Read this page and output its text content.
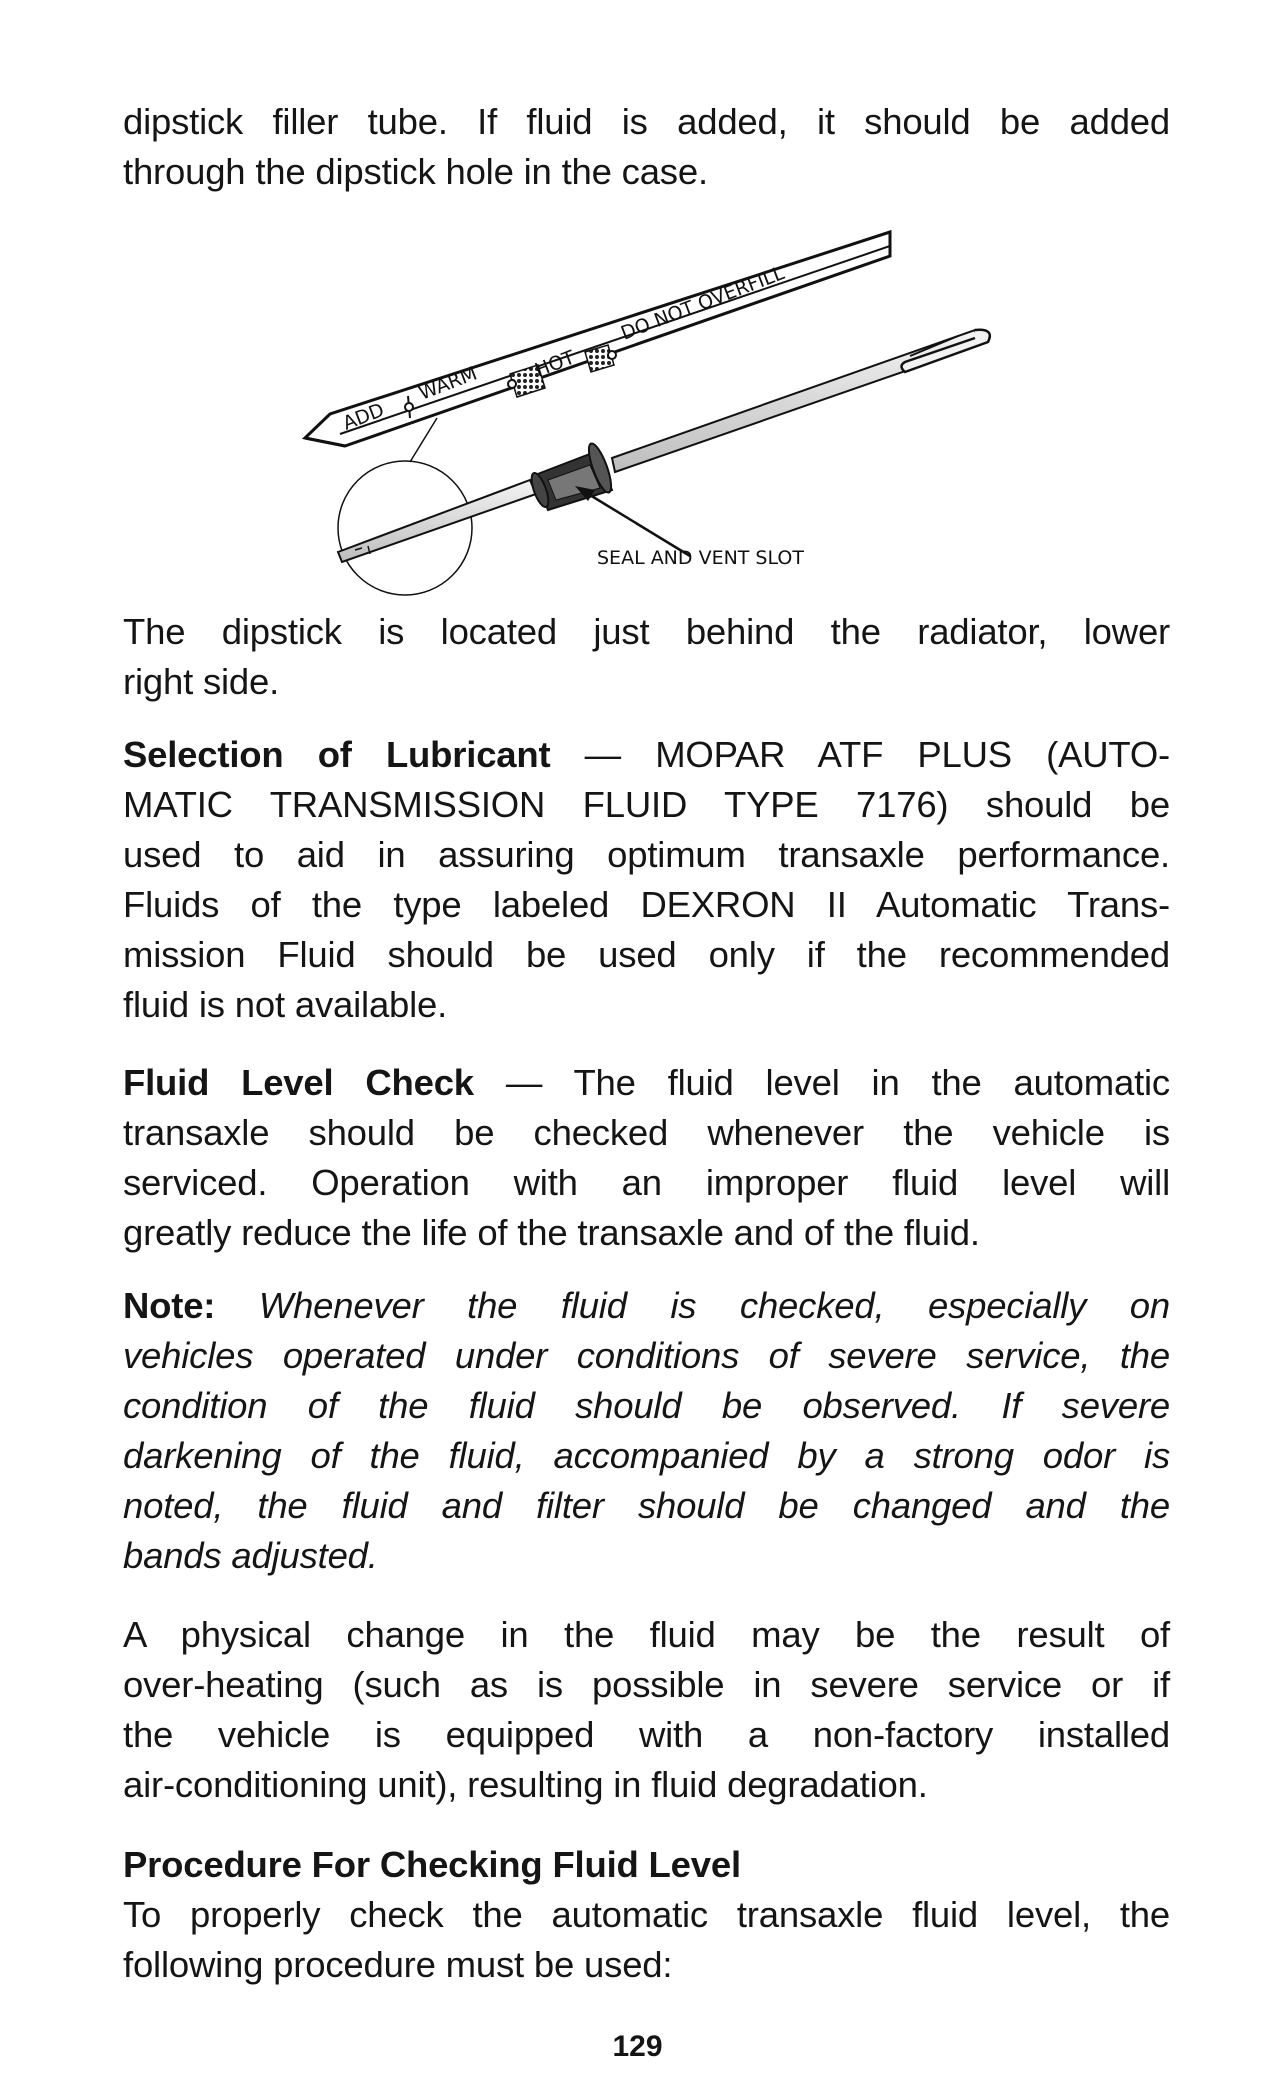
dipstick filler tube. If fluid is added, it should be added
through the dipstick hole in the case.

ADD
WARM	HOT
DO NOT OVERFILL
SEAL AND VENT SLOT

The dipstick is located just behind the radiator, lower
right side.

Selection of Lubricant — MOPAR ATF PLUS (AUTO-
MATIC TRANSMISSION FLUID TYPE 7176) should be
used to aid in assuring optimum transaxle performance.
Fluids of the type labeled DEXRON II Automatic Trans-
mission Fluid should be used only if the recommended
fluid is not available.

Fluid Level Check — The fluid level in the automatic
transaxle should be checked whenever the vehicle is
serviced. Operation with an improper fluid level will
greatly reduce the life of the transaxle and of the fluid.

Note: Whenever the fluid is checked, especially on
vehicles operated under conditions of severe service, the
condition of the fluid should be observed. If severe
darkening of the fluid, accompanied by a strong odor is
noted, the fluid and filter should be changed and the
bands adjusted.

A physical change in the fluid may be the result of
over-heating (such as is possible in severe service or if
the vehicle is equipped with a non-factory installed
air-conditioning unit), resulting in fluid degradation.

Procedure For Checking Fluid Level
To properly check the automatic transaxle fluid level, the
following procedure must be used:

129
